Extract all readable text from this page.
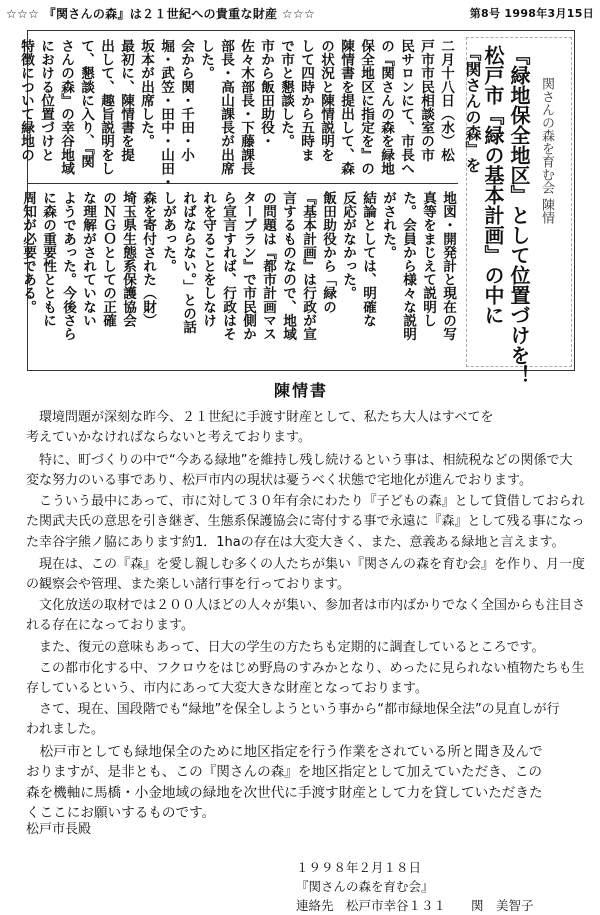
☆☆☆ 『関さんの森』は２１世紀への貴重な財産 ☆☆☆	第8号 1998年3月15日
『関さんの森』を 松戸市『緑の基本計画』の中に 『緑地保全地区』として位置づけを！ 関さんの森を育む会 陳情
二月十八日（水）松
戸市市民相談室の市
民サロンにて、市長へ
の『関さんの森を緑地
保全地区に指定を』の
陳情書を提出して、森
の状況と陳情説明を
して四時から五時ま
で市と懇談した。
市から飯田助役・
佐々木部長・下藤課長
部長・高山課長が出席
した。
会から関・千田・小
堀・武笠・田中・山田・
坂本が出席した。
最初に、陳情書を提
出して、趣旨説明をし
て、懇談に入り、『関
さんの森』の幸谷地域
における位置づけと
特徴について緑地の
地図・開発計と現在の写
真等をまじえて説明し
た。会員から様々な説明
がされた。
結論としては、明確な
反応がなかった。
飯田助役から「緑の
『基本計画』は行政が宣
言するものなので、地域
の問題は『都市計画マス
タープラン』で市民側か
ら宣言すれば、行政はそ
れを守ることをしなけ
ればならない。」との話
しがあった。
森を寄付された（財）
埼玉県生態系保護協会
のＮＧＯとしての正確
な理解がされていない
ようであった。今後さら
に森の重要性とともに
周知が必要である。
陳情書
　環境問題が深刻な昨今、２１世紀に手渡す財産として、私たち大人はすべてを
考えていかなければならないと考えております。
　特に、町づくりの中で“今ある緑地”を維持し残し続けるという事は、相続税などの関係で大
変な努力のいる事であり、松戸市内の現状は憂うべく状態で宅地化が進んでおります。
　こういう最中にあって、市に対して３０年有余にわたり『子どもの森』として貸借しておられ
た関武夫氏の意思を引き継ぎ、生態系保護協会に寄付する事で永遠に『森』として残る事になっ
た幸谷字熊ノ脇にあります約1．1haの存在は大変大きく、また、意義ある緑地と言えます。
　現在は、この『森』を愛し親しむ多くの人たちが集い『関さんの森を育む会』を作り、月一度
の観察会や管理、また楽しい諸行事を行っております。
　文化放送の取材では２００人ほどの人々が集い、参加者は市内ばかりでなく全国からも注目さ
れる存在になっております。
　また、復元の意味もあって、日大の学生の方たちも定期的に調査しているところです。
　この都市化する中、フクロウをはじめ野鳥のすみかとなり、めったに見られない植物たちも生
存しているという、市内にあって大変大きな財産となっております。
　さて、現在、国段階でも“緑地”を保全しようという事から“都市緑地保全法”の見直しが行
われました。
　松戸市としても緑地保全のために地区指定を行う作業をされている所と聞き及んで
おりますが、是非とも、この『関さんの森』を地区指定として加えていただき、この
森を機軸に馬橋・小金地域の緑地を次世代に手渡す財産として力を貸していただきた
くここにお願いするものです。
松戸市長殿
１９９８年２月１８日
『関さんの森を育む会』
連絡先　松戸市幸谷１３１　　関　美智子
